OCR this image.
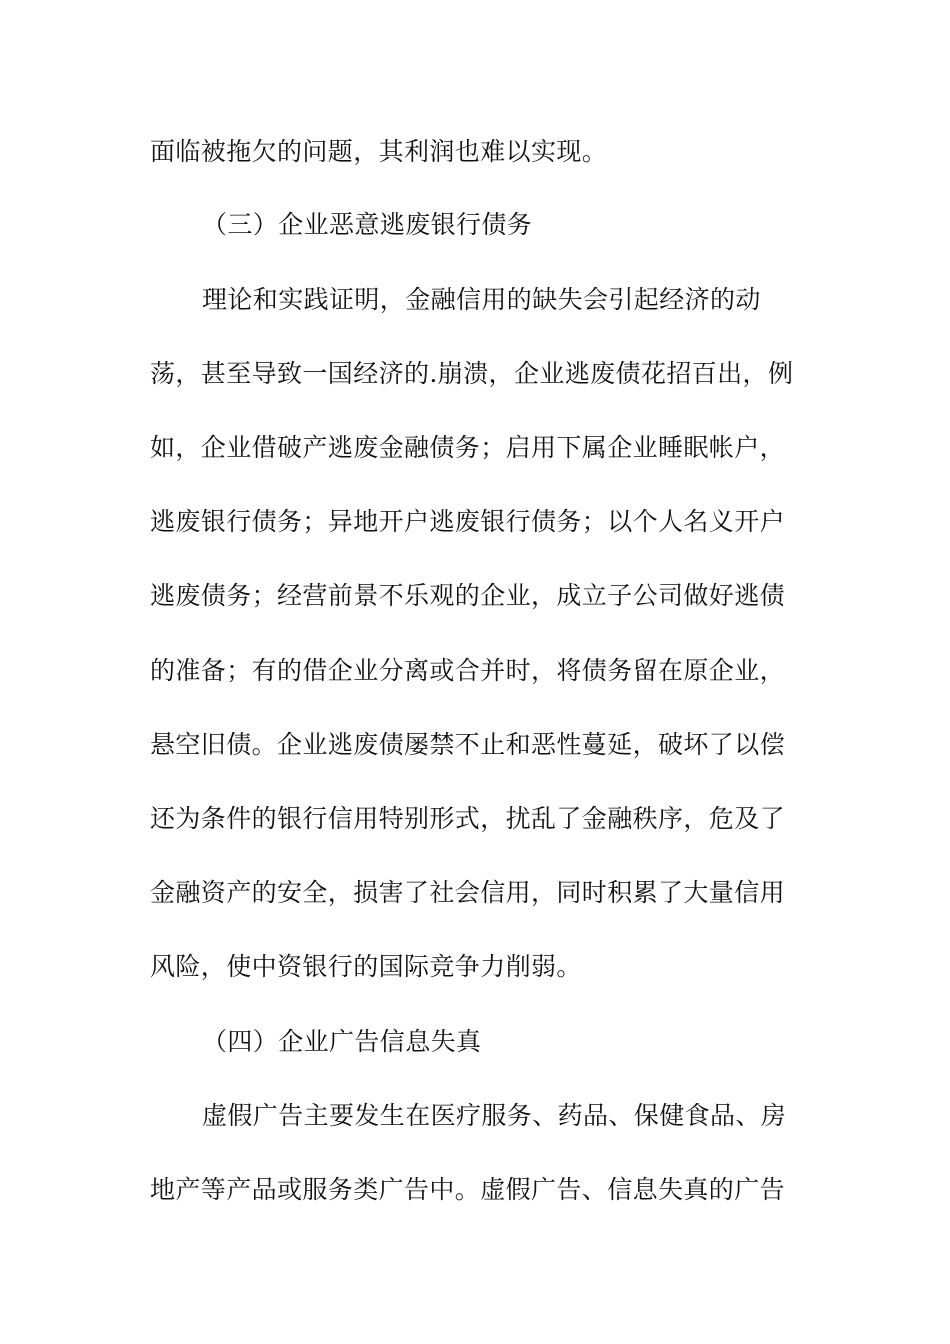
面临被拖欠的问题，其利润也难以实现。
（三）企业恶意逃废银行债务
理论和实践证明，金融信用的缺失会引起经济的动
荡，甚至导致一国经济的.崩溃，企业逃废债花招百出，例
如，企业借破产逃废金融债务；启用下属企业睡眠帐户，
逃废银行债务；异地开户逃废银行债务；以个人名义开户
逃废债务；经营前景不乐观的企业，成立子公司做好逃债
的准备；有的借企业分离或合并时，将债务留在原企业，
悬空旧债。企业逃废债屡禁不止和恶性蔓延，破坏了以偿
还为条件的银行信用特别形式，扰乱了金融秩序，危及了
金融资产的安全，损害了社会信用，同时积累了大量信用
风险，使中资银行的国际竞争力削弱。
（四）企业广告信息失真
虚假广告主要发生在医疗服务、药品、保健食品、房
地产等产品或服务类广告中。虚假广告、信息失真的广告
